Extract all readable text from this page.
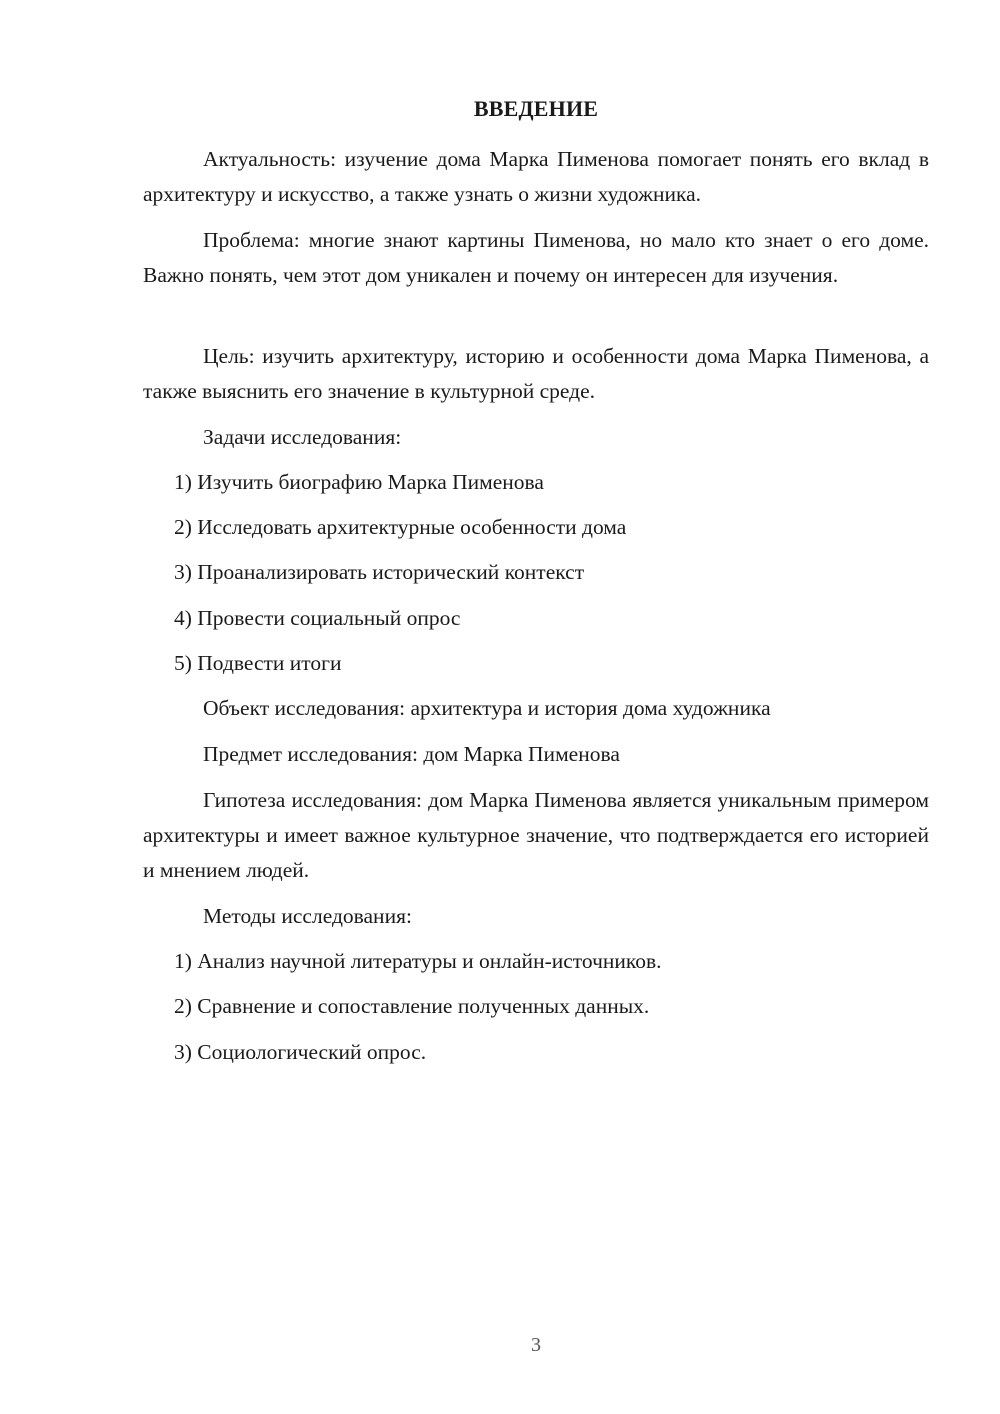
ВВЕДЕНИЕ
Актуальность: изучение дома Марка Пименова помогает понять его вклад в архитектуру и искусство, а также узнать о жизни художника.
Проблема: многие знают картины Пименова, но мало кто знает о его доме. Важно понять, чем этот дом уникален и почему он интересен для изучения.
Цель: изучить архитектуру, историю и особенности дома Марка Пименова, а также выяснить его значение в культурной среде.
Задачи исследования:
1) Изучить биографию Марка Пименова
2) Исследовать архитектурные особенности дома
3) Проанализировать исторический контекст
4) Провести социальный опрос
5) Подвести итоги
Объект исследования: архитектура и история дома художника
Предмет исследования: дом Марка Пименова
Гипотеза исследования: дом Марка Пименова является уникальным примером архитектуры и имеет важное культурное значение, что подтверждается его историей и мнением людей.
Методы исследования:
1) Анализ научной литературы и онлайн-источников.
2) Сравнение и сопоставление полученных данных.
3) Социологический опрос.
3
